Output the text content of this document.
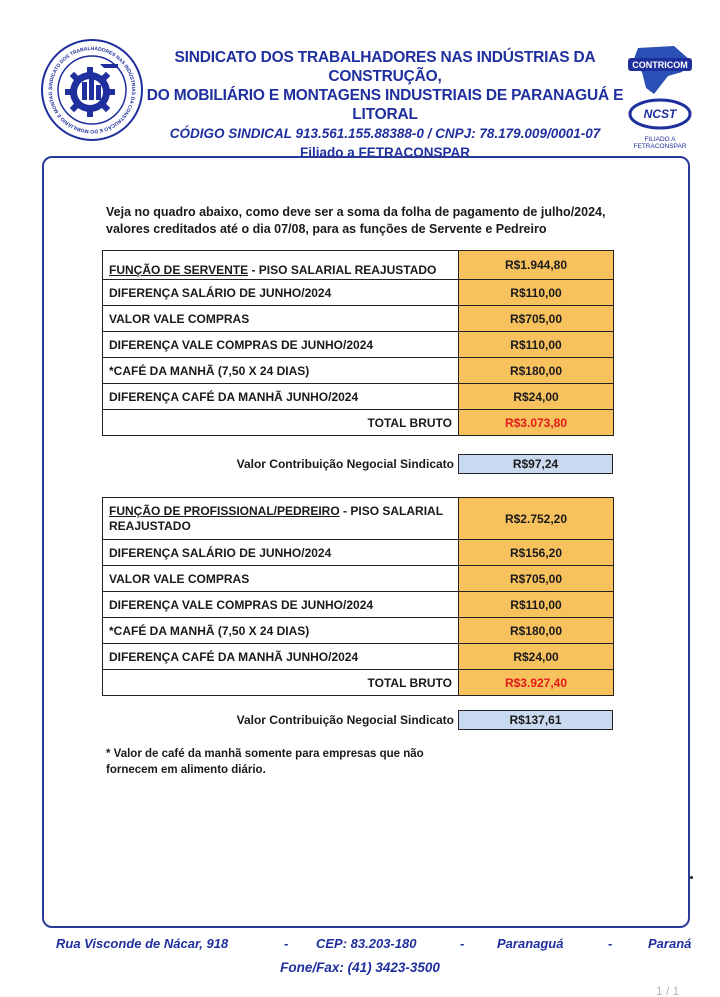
SINDICATO DOS TRABALHADORES NAS INDÚSTRIAS DA CONSTRUÇÃO E DO MOBILIÁRIO E MONTAG
SINDICATO DOS TRABALHADORES NAS INDÚSTRIAS DA CONSTRUÇÃO,
DO MOBILIÁRIO E MONTAGENS INDUSTRIAIS DE PARANAGUÁ E LITORAL
CÓDIGO SINDICAL 913.561.155.88388-0 / CNPJ: 78.179.009/0001-07
Filiado a FETRACONSPAR
CONTRICOM
NCST
FILIADO A
FETRACONSPAR
Veja no quadro abaixo, como deve ser a soma da folha de pagamento de julho/2024,
valores creditados até o dia 07/08, para as funções de Servente e Pedreiro
FUNÇÃO DE SERVENTE - PISO SALARIAL REAJUSTADO	R$1.944,80
DIFERENÇA SALÁRIO DE JUNHO/2024	R$110,00
VALOR VALE COMPRAS	R$705,00
DIFERENÇA VALE COMPRAS DE JUNHO/2024	R$110,00
*CAFÉ DA MANHÃ (7,50 X 24 DIAS)	R$180,00
DIFERENÇA CAFÉ DA MANHÃ JUNHO/2024	R$24,00
TOTAL BRUTO	R$3.073,80
Valor Contribuição Negocial Sindicato	R$97,24
FUNÇÃO DE PROFISSIONAL/PEDREIRO - PISO SALARIAL REAJUSTADO	R$2.752,20
DIFERENÇA SALÁRIO DE JUNHO/2024	R$156,20
VALOR VALE COMPRAS	R$705,00
DIFERENÇA VALE COMPRAS DE JUNHO/2024	R$110,00
*CAFÉ DA MANHÃ (7,50 X 24 DIAS)	R$180,00
DIFERENÇA CAFÉ DA MANHÃ JUNHO/2024	R$24,00
TOTAL BRUTO	R$3.927,40
Valor Contribuição Negocial Sindicato	R$137,61
* Valor de café da manhã somente para empresas que não
fornecem em alimento diário.
Rua Visconde de Nácar, 918	- CEP: 83.203-180	-	Paranaguá	-	Paraná
Fone/Fax: (41) 3423-3500
1 / 1
